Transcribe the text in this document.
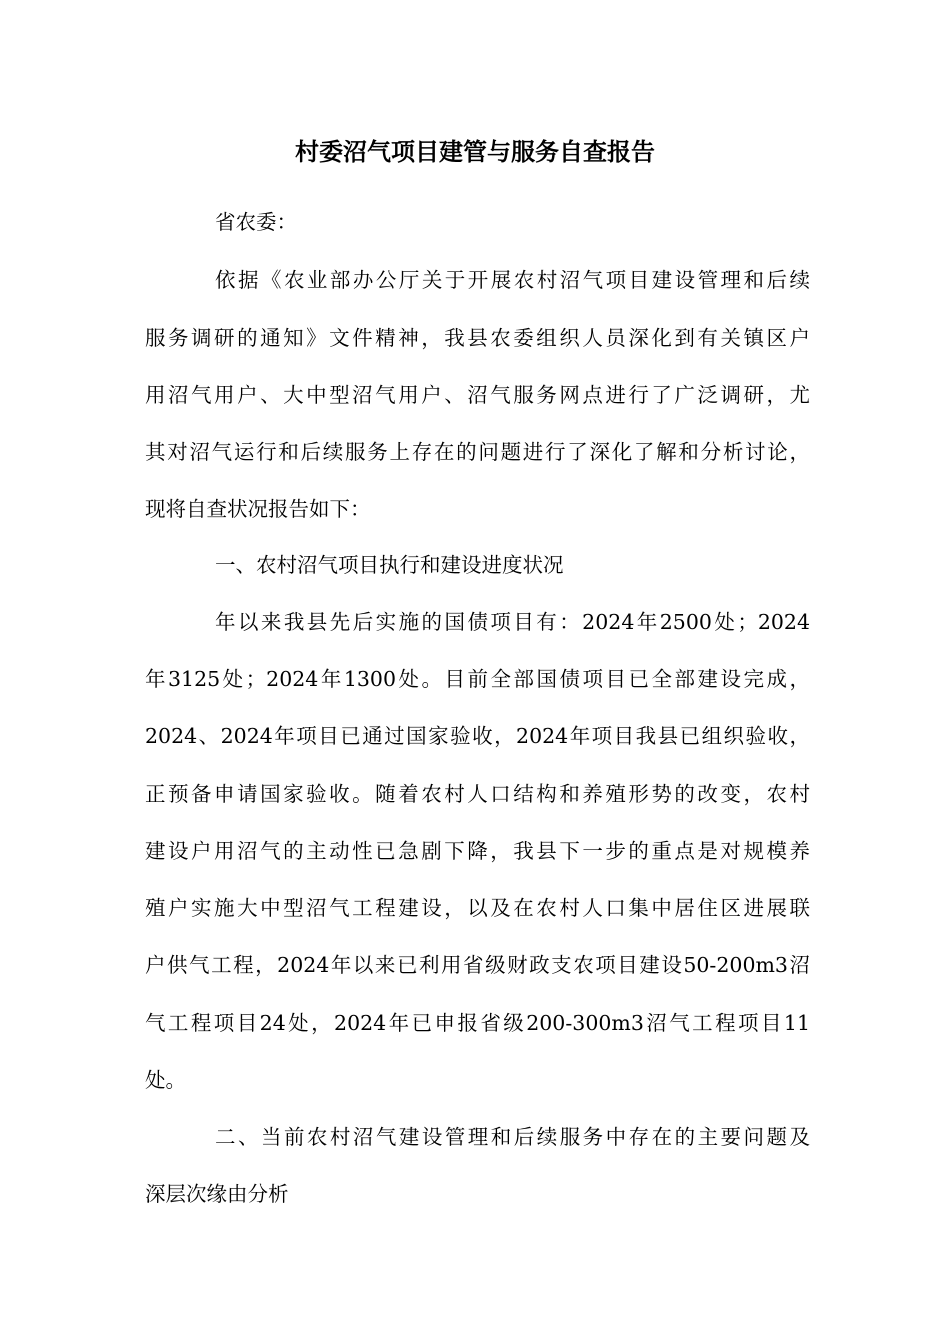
村委沼气项目建管与服务自查报告
省农委：
依据《农业部办公厅关于开展农村沼气项目建设管理和后续
服务调研的通知》文件精神，我县农委组织人员深化到有关镇区户
用沼气用户、大中型沼气用户、沼气服务网点进行了广泛调研，尤
其对沼气运行和后续服务上存在的问题进行了深化了解和分析讨论，
现将自查状况报告如下：
一、农村沼气项目执行和建设进度状况
年以来我县先后实施的国债项目有：2024年2500处；2024
年3125处；2024年1300处。目前全部国债项目已全部建设完成，
2024、2024年项目已通过国家验收，2024年项目我县已组织验收，
正预备申请国家验收。随着农村人口结构和养殖形势的改变，农村
建设户用沼气的主动性已急剧下降，我县下一步的重点是对规模养
殖户实施大中型沼气工程建设，以及在农村人口集中居住区进展联
户供气工程，2024年以来已利用省级财政支农项目建设50-200m3沼
气工程项目24处，2024年已申报省级200-300m3沼气工程项目11
处。
二、当前农村沼气建设管理和后续服务中存在的主要问题及
深层次缘由分析
